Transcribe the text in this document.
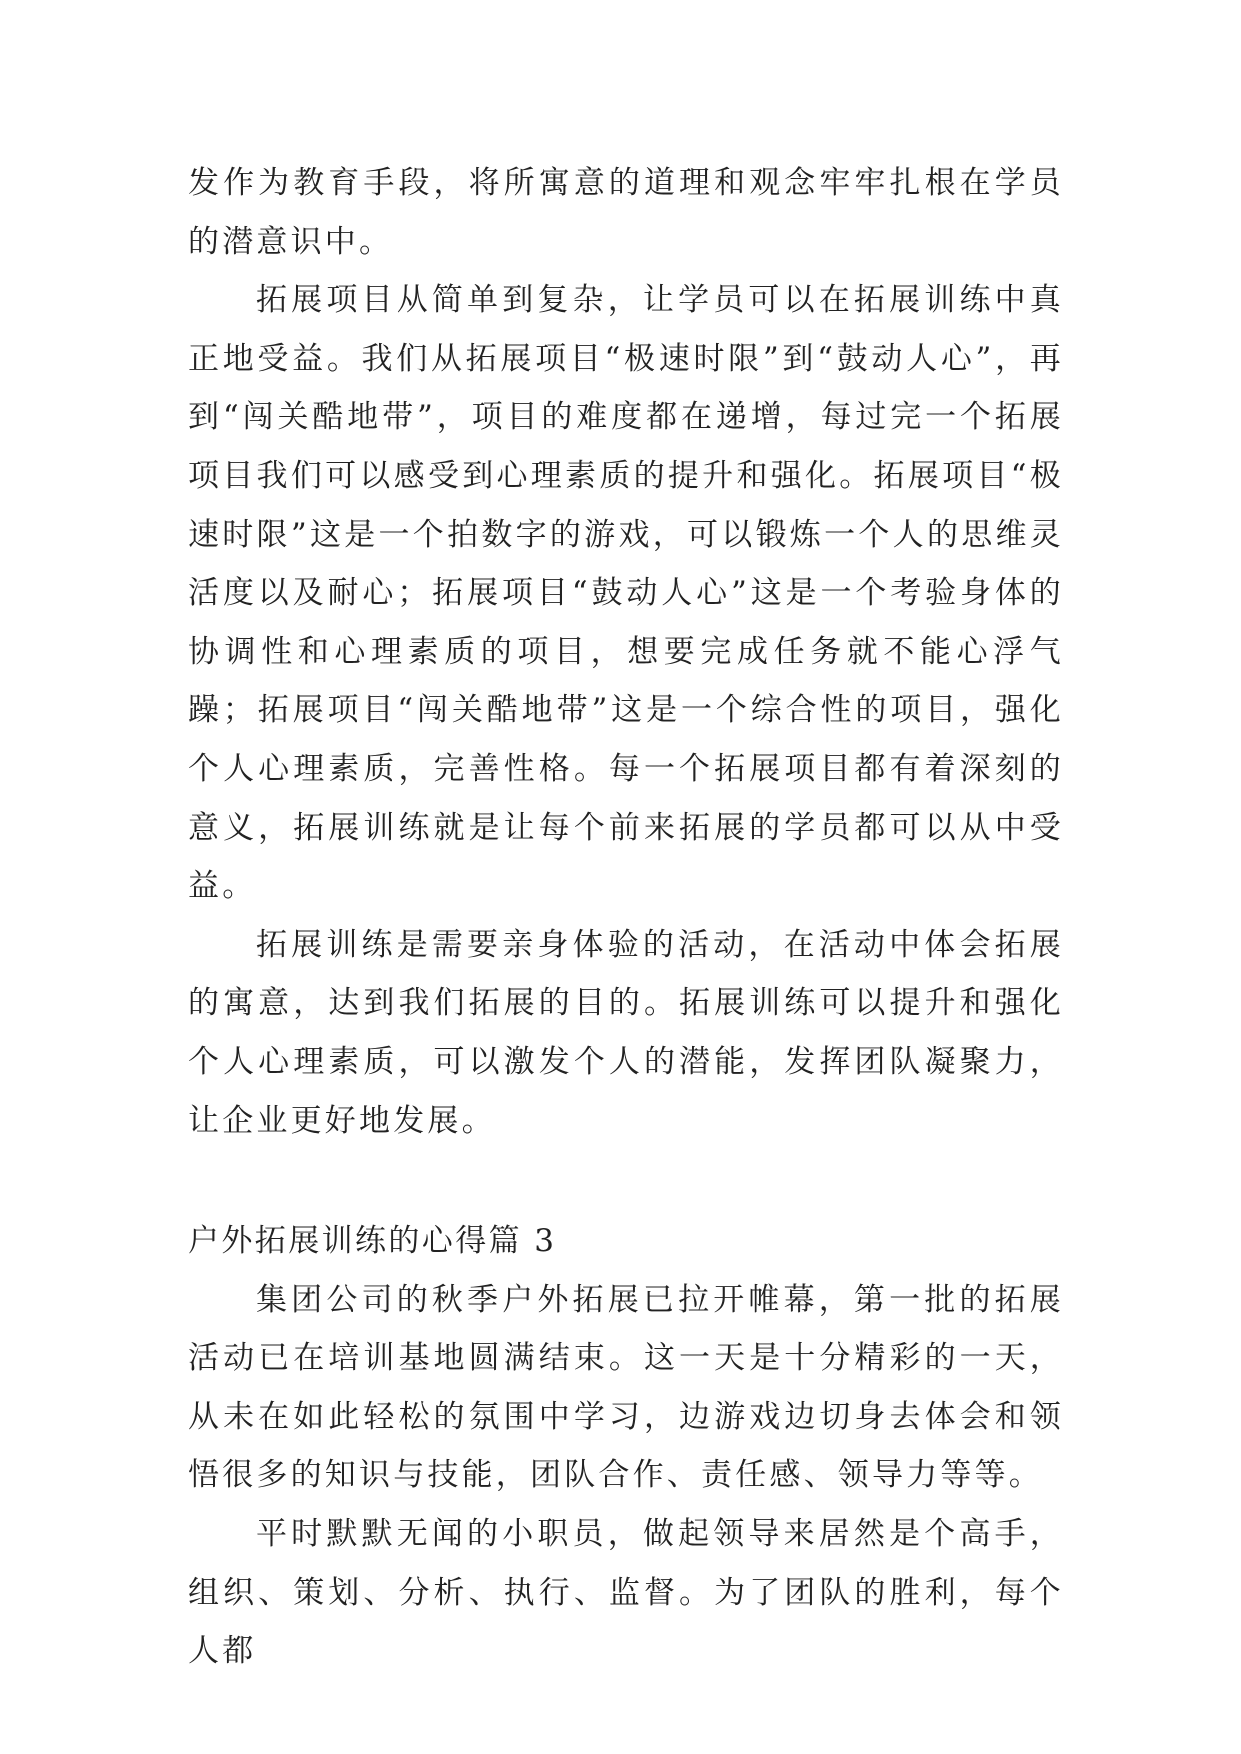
发作为教育手段，将所寓意的道理和观念牢牢扎根在学员的潜意识中。

拓展项目从简单到复杂，让学员可以在拓展训练中真正地受益。我们从拓展项目“极速时限”到“鼓动人心”，再到“闯关酷地带”，项目的难度都在递增，每过完一个拓展项目我们可以感受到心理素质的提升和强化。拓展项目“极速时限”这是一个拍数字的游戏，可以锻炼一个人的思维灵活度以及耐心；拓展项目“鼓动人心”这是一个考验身体的协调性和心理素质的项目，想要完成任务就不能心浮气躁；拓展项目“闯关酷地带”这是一个综合性的项目，强化个人心理素质，完善性格。每一个拓展项目都有着深刻的意义，拓展训练就是让每个前来拓展的学员都可以从中受益。

拓展训练是需要亲身体验的活动，在活动中体会拓展的寓意，达到我们拓展的目的。拓展训练可以提升和强化个人心理素质，可以激发个人的潜能，发挥团队凝聚力，让企业更好地发展。

户外拓展训练的心得篇 3

集团公司的秋季户外拓展已拉开帷幕，第一批的拓展活动已在培训基地圆满结束。这一天是十分精彩的一天，从未在如此轻松的氛围中学习，边游戏边切身去体会和领悟很多的知识与技能，团队合作、责任感、领导力等等。

平时默默无闻的小职员，做起领导来居然是个高手，组织、策划、分析、执行、监督。为了团队的胜利，每个人都
